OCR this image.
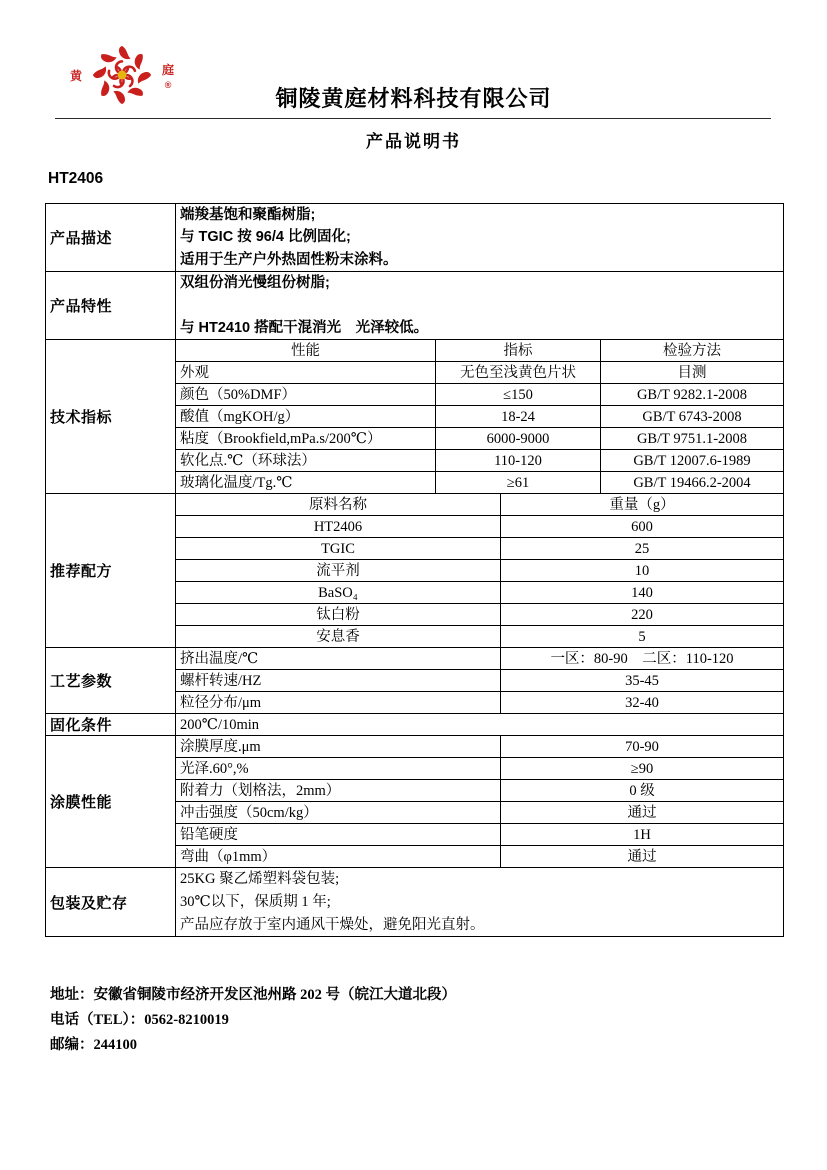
黄	庭
®
铜陵黄庭材料科技有限公司
产品说明书
HT2406
产品描述	端羧基饱和聚酯树脂;
与 TGIC 按 96/4 比例固化;
适用于生产户外热固性粉末涂料。			

产品特性	双组份消光慢组份树脂;
与 HT2410 搭配干混消光　光泽较低。			

技术指标	性能	指标		检验方法
	外观	无色至浅黄色片状		目测
	颜色（50%DMF）	≤150		GB/T 9282.1-2008
	酸值（mgKOH/g）	18-24		GB/T 6743-2008
	粘度（Brookfield,mPa.s/200℃）	6000-9000		GB/T 9751.1-2008
	软化点.℃（环球法）	110-120		GB/T 12007.6-1989
	玻璃化温度/Tg.℃	≥61		GB/T 19466.2-2004
推荐配方	原料名称		重量（g）	
	HT2406		600	
	TGIC		25	
	流平剂		10	
	BaSO₄		140	
	钛白粉		220	
	安息香		5	
工艺参数	挤出温度/℃		一区：80-90　二区：110-120	
	螺杆转速/HZ		35-45	
	粒径分布/μm		32-40	
固化条件	200℃/10min			
涂膜性能	涂膜厚度.μm		70-90	
	光泽.60°,%		≥90	
	附着力（划格法，2mm）		0 级	
	冲击强度（50cm/kg）		通过	
	铅笔硬度		1H	
	弯曲（φ1mm）		通过	
包装及贮存	25KG 聚乙烯塑料袋包装;
30℃以下，保质期 1 年;
产品应存放于室内通风干燥处，避免阳光直射。			
地址：安徽省铜陵市经济开发区池州路 202 号（皖江大道北段）
电话（TEL）：0562-8210019
邮编：244100
